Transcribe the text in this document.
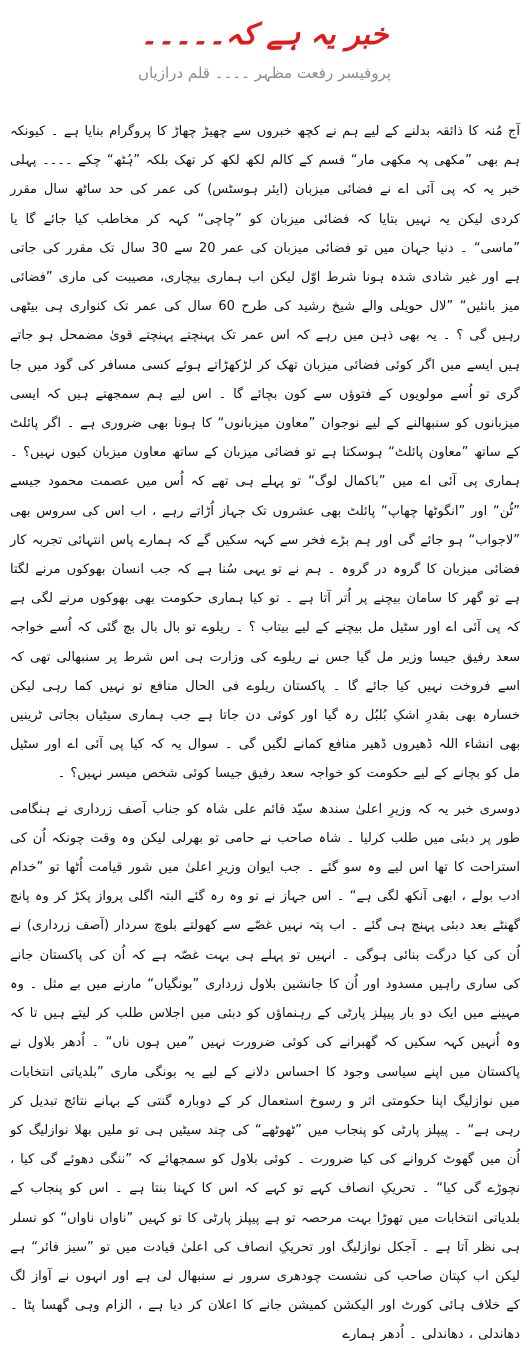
خبر یہ ہے کہ۔۔۔۔۔
پروفیسر رفعت مظہر ۔۔۔۔ قلم درازیاں

آج مُنہ کا ذائقہ بدلنے کے لیے ہم نے کچھ خبروں سے چھیڑ چھاڑ کا پروگرام بنایا ہے ۔ کیونکہ ہم بھی ”مکھی پہ مکھی مار“ قسم کے کالم لکھ لکھ کر تھک بلکہ ”ہُٹھ“ چکے ۔۔۔۔ پہلی خبر یہ کہ پی آئی اے نے فضائی میزبان (ایئر ہوسٹس) کی عمر کی حد ساٹھ سال مقرر کردی لیکن یہ نہیں بتایا کہ فضائی میزبان کو ”چاچی“ کہہ کر مخاطب کیا جائے گا یا ”ماسی“ ۔ دنیا جہان میں تو فضائی میزبان کی عمر 20 سے 30 سال تک مقرر کی جاتی ہے اور غیر شادی شدہ ہونا شرط اوّل لیکن اب ہماری بیچاری، مصیبت کی ماری ”فضائی میز بانئیں“ ”لال حویلی والے شیخ رشید کی طرح 60 سال کی عمر تک کنواری ہی بیٹھی رہیں گی ؟ ۔ یہ بھی ذہن میں رہے کہ اس عمر تک پہنچتے پہنچتے قویٰ مضمحل ہو جاتے ہیں ایسے میں اگر کوئی فضائی میزبان تھک کر لڑکھڑاتے ہوئے کسی مسافر کی گود میں جا گری تو اُسے مولویوں کے فتوؤں سے کون بچائے گا ۔ اس لیے ہم سمجھتے ہیں کہ ایسی میزبانوں کو سنبھالنے کے لیے نوجوان ”معاون میزبانوں“ کا ہونا بھی ضروری ہے ۔ اگر پائلٹ کے ساتھ ”معاون پائلٹ“ ہوسکتا ہے تو فضائی میزبان کے ساتھ معاون میزبان کیوں نہیں؟ ۔ ہماری پی آئی اے میں ”باکمال لوگ“ تو پہلے ہی تھے کہ اُس میں عصمت محمود جیسے ”ٹُن“ اور ”انگوٹھا چھاپ“ پائلٹ بھی عشروں تک جہاز اُڑاتے رہے ، اب اس کی سروس بھی ”لاجواب“ ہو جائے گی اور ہم بڑے فخر سے کہہ سکیں گے کہ ہمارے پاس انتہائی تجربہ کار فضائی میزبان کا گروہ در گروہ ۔ ہم نے تو یہی سُنا ہے کہ جب انسان بھوکوں مرنے لگتا ہے تو گھر کا سامان بیچنے پر اُتر آتا ہے ۔ تو کیا ہماری حکومت بھی بھوکوں مرنے لگی ہے کہ پی آئی اے اور سٹیل مل بیچنے کے لیے بیتاب ؟ ۔ ریلوے تو بال بال بچ گئی کہ اُسے خواجہ سعد رفیق جیسا وزیر مل گیا جس نے ریلوے کی وزارت ہی اس شرط پر سنبھالی تھی کہ اسے فروخت نہیں کیا جائے گا ۔ پاکستان ریلوے فی الحال منافع تو نہیں کما رہی لیکن خسارہ بھی بقدرِ اشکِ بُلبُل رہ گیا اور کوئی دن جاتا ہے جب ہماری سیٹیاں بجاتی ٹرینیں بھی انشاء اللہ ڈھیروں ڈھیر منافع کمانے لگیں گی ۔ سوال یہ کہ کیا پی آئی اے اور سٹیل مل کو بچانے کے لیے حکومت کو خواجہ سعد رفیق جیسا کوئی شخص میسر نہیں؟ ۔

دوسری خبر یہ کہ وزیرِ اعلیٰ سندھ سیّد قائم علی شاہ کو جناب آصف زرداری نے ہنگامی طور پر دبئی میں طلب کرلیا ۔ شاہ صاحب نے حامی تو بھرلی لیکن وہ وقت چونکہ اُن کی استراحت کا تھا اس لیے وہ سو گئے ۔ جب ایوان وزیرِ اعلیٰ میں شور قیامت اُٹھا تو ”خدام ادب بولے ، ابھی آنکھ لگی ہے“ ۔ اس جہاز نے تو وہ رہ گئے البتہ اگلی پرواز پکڑ کر وہ پانچ گھنٹے بعد دبئی پہنچ ہی گئے ۔ اب پتہ نہیں غصّے سے کھولتے بلوچ سردار (آصف زرداری) نے اُن کی کیا درگت بنائی ہوگی ۔ انہیں تو پہلے ہی بہت غصّہ ہے کہ اُن کی پاکستان جانے کی ساری راہیں مسدود اور اُن کا جانشین بلاول زرداری ”بونگیاں“ مارنے میں بے مثل ۔ وہ مہینے میں ایک دو بار پیپلز پارٹی کے رہنماؤں کو دبئی میں اجلاس طلب کر لیتے ہیں تا کہ وہ اُنہیں کہہ سکیں کہ گھبرانے کی کوئی ضرورت نہیں ”میں ہوں ناں“ ۔ اُدھر بلاول نے پاکستان میں اپنے سیاسی وجود کا احساس دلانے کے لیے یہ بونگی ماری ”بلدیاتی انتخابات میں نوازلیگ اپنا حکومتی اثر و رسوخ استعمال کر کے دوبارہ گنتی کے بہانے نتائج تبدیل کر رہی ہے“ ۔ پیپلز پارٹی کو پنجاب میں ”ٹھوٹھے“ کی چند سیٹیں ہی تو ملیں بھلا نوازلیگ کو اُن میں گھوٹ کروانے کی کیا ضرورت ۔ کوئی بلاول کو سمجھائے کہ ”ننگی دھوئے گی کیا ، نچوڑے گی کیا“ ۔ تحریکِ انصاف کہے تو کہے کہ اس کا کہنا بنتا ہے ۔ اس کو پنجاب کے بلدیاتی انتخابات میں تھوڑا بہت مرحصہ تو ہے پیپلز پارٹی کا تو کہیں ”ناواں ناواں“ کو نسلر ہی نظر آتا ہے ۔ آجکل نوازلیگ اور تحریکِ انصاف کی اعلیٰ قیادت میں تو ”سیز فائر“ ہے لیکن اب کپتان صاحب کی نشست چودھری سرور نے سنبھال لی ہے اور انہوں نے آواز لگ کے خلاف ہائی کورٹ اور الیکشن کمیشن جانے کا اعلان کر دیا ہے ، الزام وہی گھسا پٹا ۔ دھاندلی ، دھاندلی ۔ اُدھر ہمارے
